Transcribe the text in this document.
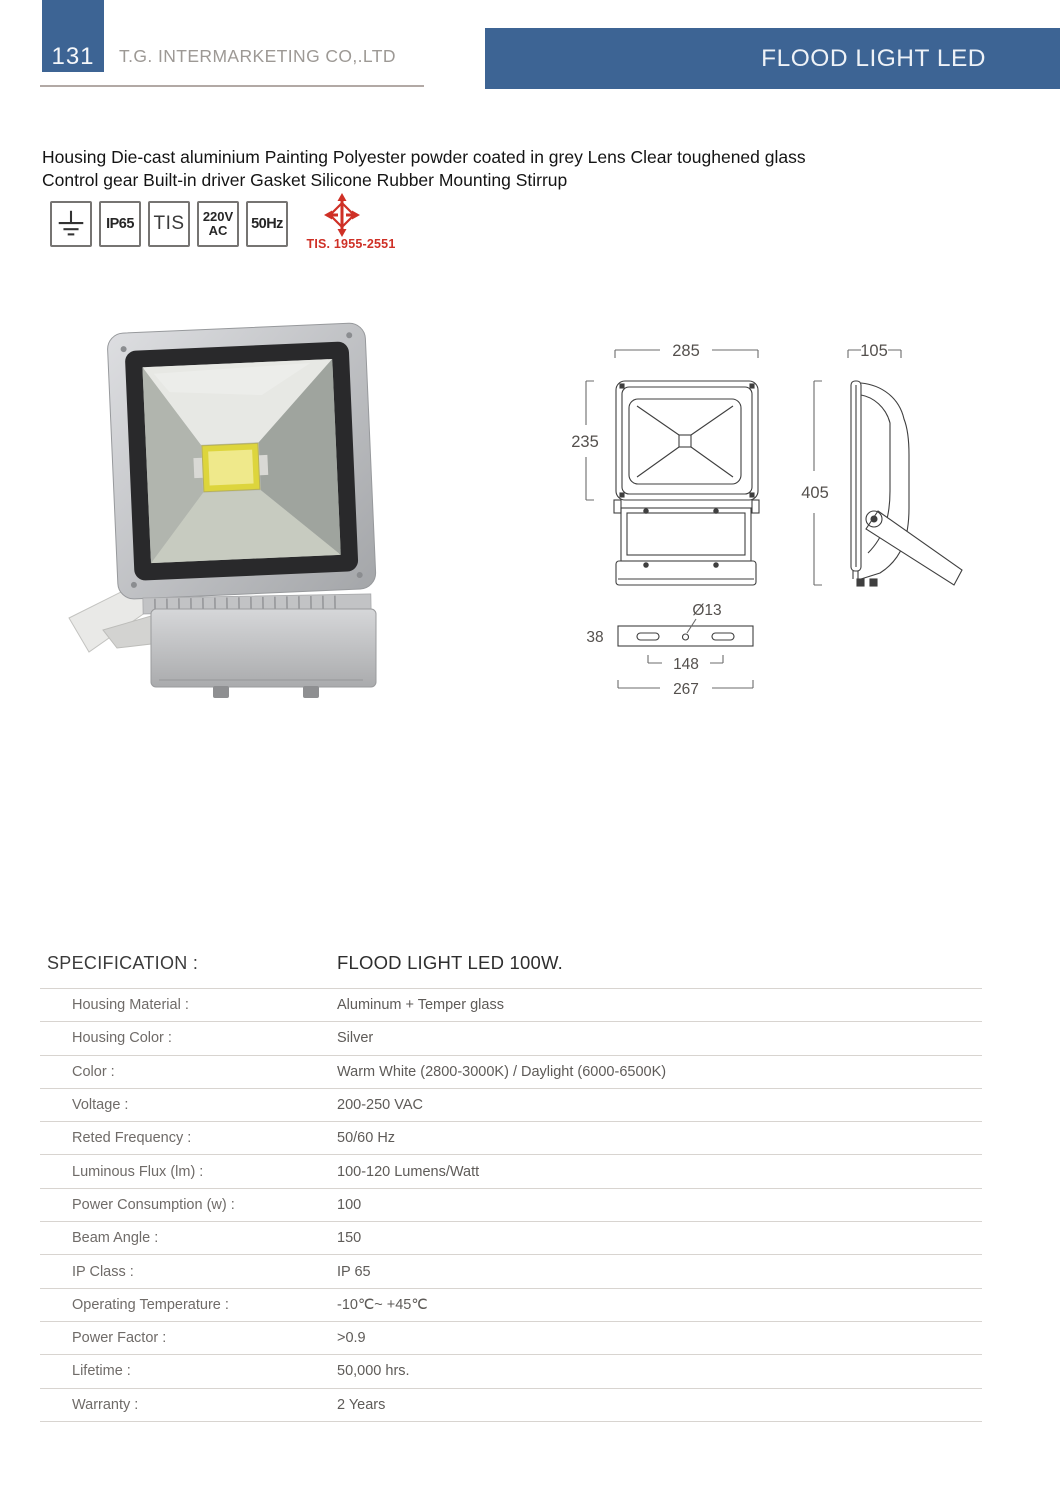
131 T.G. INTERMARKETING CO,.LTD	FLOOD LIGHT LED

Housing Die-cast aluminium Painting Polyester powder coated in grey Lens Clear toughened glass
Control gear Built-in driver Gasket Silicone Rubber Mounting Stirrup

IP65 TIS 220V
AC 50Hz
TIS. 1955-2551
285
235
105
405
38
Ø13
148
267
SPECIFICATION :	FLOOD LIGHT LED 100W.
Housing Material :	Aluminum + Temper glass
Housing Color :	Silver
Color :	Warm White (2800-3000K) / Daylight (6000-6500K)
Voltage :	200-250 VAC
Reted Frequency :	50/60 Hz
Luminous Flux (lm) :	100-120 Lumens/Watt
Power Consumption (w) :	100
Beam Angle :	150
IP Class :	IP 65
Operating Temperature :	-10℃~ +45℃
Power Factor :	>0.9
Lifetime :	50,000 hrs.
Warranty :	2 Years
